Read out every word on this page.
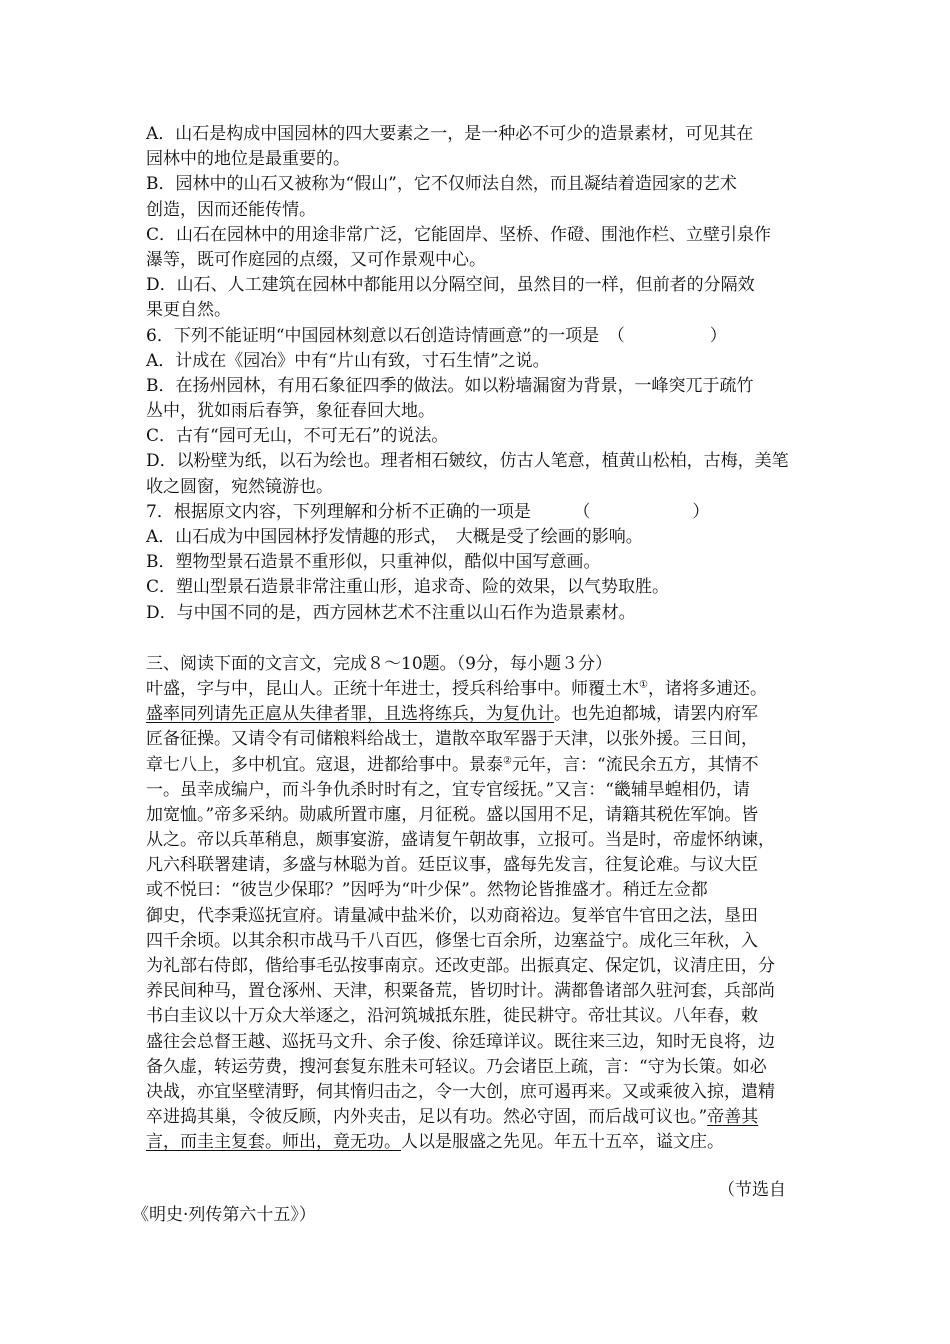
A．山石是构成中国园林的四大要素之一，是一种必不可少的造景素材，可见其在
园林中的地位是最重要的。
B．园林中的山石又被称为“假山”，它不仅师法自然，而且凝结着造园家的艺术
创造，因而还能传情。
C．山石在园林中的用途非常广泛，它能固岸、坚桥、作磴、围池作栏、立壁引泉作
瀑等，既可作庭园的点缀，又可作景观中心。
D．山石、人工建筑在园林中都能用以分隔空间，虽然目的一样，但前者的分隔效
果更自然。
6．下列不能证明“中国园林刻意以石创造诗情画意”的一项是　（　　　　　）
A．计成在《园冶》中有“片山有致，寸石生情”之说。
B．在扬州园林，有用石象征四季的做法。如以粉墙漏窗为背景，一峰突兀于疏竹
丛中，犹如雨后春笋，象征春回大地。
C．古有“园可无山，不可无石”的说法。
D．以粉壁为纸，以石为绘也。理者相石皴纹，仿古人笔意，植黄山松柏，古梅，美笔
收之圆窗，宛然镜游也。
7．根据原文内容，下列理解和分析不正确的一项是　　　（　　　　　　）
A．山石成为中国园林抒发情趣的形式，　大概是受了绘画的影响。
B．塑物型景石造景不重形似，只重神似，酷似中国写意画。
C．塑山型景石造景非常注重山形，追求奇、险的效果，以气势取胜。
D．与中国不同的是，西方园林艺术不注重以山石作为造景素材。
三、阅读下面的文言文，完成８～10题。（9分，每小题３分）
叶盛，字与中，昆山人。正统十年进士，授兵科给事中。师覆土木①，诸将多逋还。
盛率同列请先正扈从失律者罪，且选将练兵，为复仇计。也先迫都城，请罢内府军
匠备征操。又请令有司储粮料给战士，遣散卒取军器于天津，以张外援。三日间，
章七八上，多中机宜。寇退，进都给事中。景泰②元年，言：“流民余五方，其情不
一。虽幸成编户，而斗争仇杀时时有之，宜专官绥抚。”又言：“畿辅旱蝗相仍，请
加宽恤。”帝多采纳。勋戚所置市廛，月征税。盛以国用不足，请籍其税佐军饷。皆
从之。帝以兵革稍息，颇事宴游，盛请复午朝故事，立报可。当是时，帝虚怀纳谏，
凡六科联署建请，多盛与林聪为首。廷臣议事，盛每先发言，往复论难。与议大臣
或不悦曰：“彼岂少保耶？”因呼为“叶少保”。然物论皆推盛才。稍迁左佥都
御史，代李秉巡抚宣府。请量减中盐米价，以劝商裕边。复举官牛官田之法，垦田
四千余顷。以其余积市战马千八百匹，修堡七百余所，边塞益宁。成化三年秋，入
为礼部右侍郎，偕给事毛弘按事南京。还改吏部。出振真定、保定饥，议清庄田，分
养民间种马，置仓涿州、天津，积粟备荒，皆切时计。满都鲁诸部久驻河套，兵部尚
书白圭议以十万众大举逐之，沿河筑城抵东胜，徙民耕守。帝壮其议。八年春，敕
盛往会总督王越、巡抚马文升、余子俊、徐廷璋详议。既往来三边，知时无良将，边
备久虚，转运劳费，搜河套复东胜未可轻议。乃会诸臣上疏，言：“守为长策。如必
决战，亦宜坚壁清野，伺其惰归击之，令一大创，庶可遏再来。又或乘彼入掠，遣精
卒进捣其巢，令彼反顾，内外夹击，足以有功。然必守固，而后战可议也。”帝善其
言，而圭主复套。师出，竟无功。人以是服盛之先见。年五十五卒，谥文庄。
（节选自
《明史·列传第六十五》）
